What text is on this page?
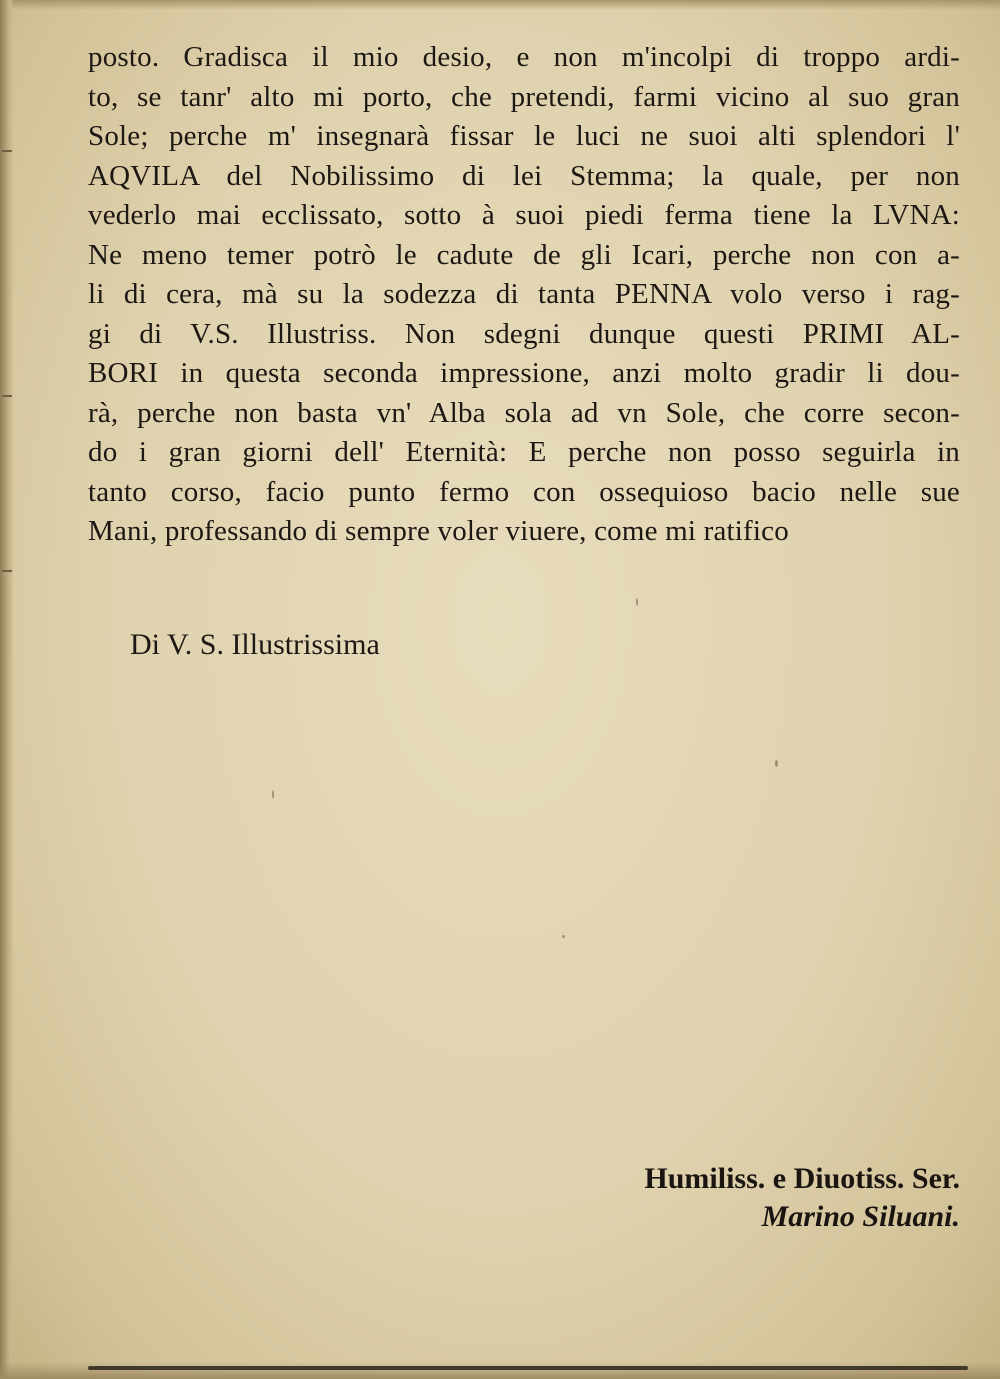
posto. Gradisca il mio desio, e non m'incolpi di troppo ardi-
to, se tanr' alto mi porto, che pretendi, farmi vicino al suo gran
Sole; perche m' insegnarà fissar le luci ne suoi alti splendori l'
AQVILA del Nobilissimo di lei Stemma; la quale, per non
vederlo mai ecclissato, sotto à suoi piedi ferma tiene la LVNA:
Ne meno temer potrò le cadute de gli Icari, perche non con a-
li di cera, mà su la sodezza di tanta PENNA volo verso i rag-
gi di V.S. Illustriss. Non sdegni dunque questi PRIMI AL-
BORI in questa seconda impressione, anzi molto gradir li dou-
rà, perche non basta vn' Alba sola ad vn Sole, che corre secon-
do i gran giorni dell' Eternità: E perche non posso seguirla in
tanto corso, facio punto fermo con ossequioso bacio nelle sue
Mani, professando di sempre voler viuere, come mi ratifico
Di V. S. Illustrissima
Humiliss. e Diuotiss. Ser.
Marino Siluani.
